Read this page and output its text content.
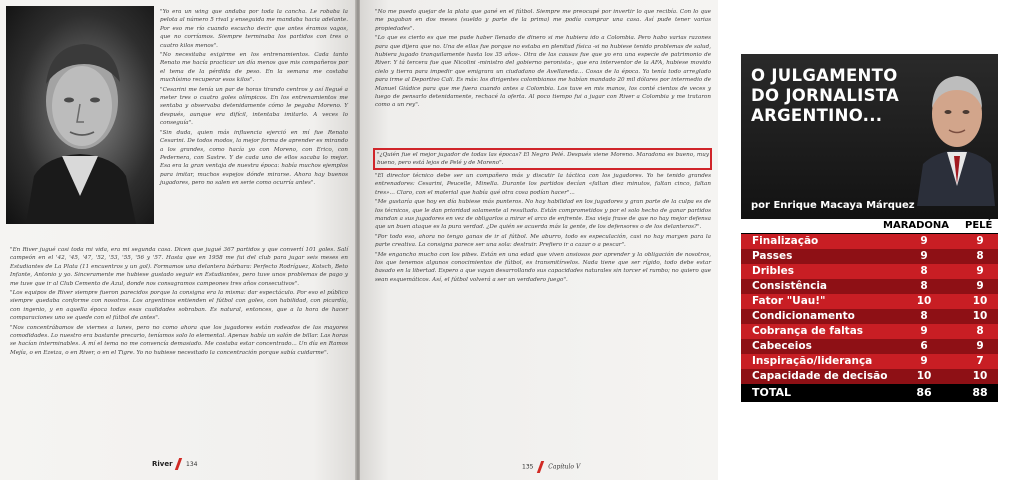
"Yo era un wing que andaba por toda la cancha. Le robaba la pelota al número 5 rival y enseguida me mandaba hacia adelante. Por eso me río cuando escucho decir que antes éramos vagos, que no corríamos. Siempre terminaba los partidos con tres o cuatro kilos menos".

"No necesitaba exigirme en los entrenamientos. Cada tanto Renato me hacía practicar un día menos que mis compañeros por el tema de la pérdida de peso. En la semana me costaba muchísimo recuperar esos kilos".

"Cesarini me tenía un par de horas tirando centros y así llegué a meter tres o cuatro goles olímpicos. En los entrenamientos me sentaba y observaba detenidamente cómo le pegaba Moreno. Y después, aunque era difícil, intentaba imitarlo. A veces lo conseguía".

"Sin duda, quien más influencia ejerció en mí fue Renato Cesarini. De todos modos, la mejor forma de aprender es mirando a los grandes, como hacía yo con Moreno, con Erico, con Pedernera, con Sastre. Y de cada uno de ellos sacaba lo mejor. Esa era la gran ventaja de nuestra época: había muchos ejemplos para imitar, muchos espejos dónde mirarse. Ahora hay buenos jugadores, pero no salen en serie como ocurría antes".

"En River jugué casi toda mi vida, era mi segunda casa. Dicen que jugué 367 partidos y que convertí 101 goles. Salí campeón en el '42, '45, '47, '52, '53, '55, '56 y '57. Hasta que en 1958 me fui del club para jugar seis meses en Estudiantes de La Plata (11 encuentros y un gol). Formamos una delantera bárbara: Perfecto Rodríguez, Kotsch, Beto Infante, Antonio y yo. Sinceramente me hubiese gustado seguir en Estudiantes, pero tuve unos problemas de pago y me tuve que ir al Club Cemento de Azul, donde nos consagramos campeones tres años consecutivos".

"Los equipos de River siempre fueron parecidos porque la consigna era la misma: dar espectáculo. Por eso el público siempre quedaba conforme con nosotros. Los argentinos entienden el fútbol con goles, con habilidad, con picardía, con ingenio, y en aquella época todas esas cualidades sobraban. Es natural, entonces, que a la hora de hacer comparaciones uno se quede con el fútbol de antes".

"Nos concentrábamos de viernes a lunes, pero no como ahora que los jugadores están rodeados de las mayores comodidades. Lo nuestro era bastante precario, teníamos solo lo elemental. Apenas había un salón de billar. Las horas se hacían interminables. A mí el tema no me convencía demasiado. Me costaba estar concentrado... Un día en Ramos Mejía, o en Ezeiza, o en River, o en el Tigre. Yo no hubiese necesitado la concentración porque sabía cuidarme".

River	134

"No me puedo quejar de la plata que gané en el fútbol. Siempre me preocupé por invertir lo que recibía. Con lo que me pagaban en dos meses (sueldo y parte de la prima) me podía comprar una casa. Así pude tener varias propiedades".

"Lo que es cierto es que me pude haber llenado de dinero si me hubiera ido a Colombia. Pero habo varias razones para que dijera que no. Una de ellas fue porque no estaba en plenitud física -si no hubiese tenido problemas de salud, hubiera jugado tranquilamente hasta los 35 años-. Otra de las causas fue que yo era una especie de patrimonio de River. Y tá tercera fue que Nicolini -ministro del gobierno peronista-, que era interventor de la AFA, hubiese movido cielo y tierra para impedir que emigrara un ciudadano de Avellaneda... Cosas de la época. Ya tenía todo arreglado para irme al Deportivo Cali. Es más: los dirigentes colombianos me habían mandado 20 mil dólares por intermedio de Manuel Giúdice para que me fuera cuando antes a Colombia. Los tuve en mis manos, los conté cientos de veces y luego de pensarlo detenidamente, rechacé la oferta. Al poco tiempo fui a jugar con River a Colombia y me trataron como a un rey".

"¿Quién fue el mejor jugador de todas las épocas? El Negro Pelé. Después viene Moreno. Maradona es bueno, muy bueno, pero está lejos de Pelé y de Moreno".

"El director técnico debe ser un compañero más y discutir la táctica con los jugadores. Yo he tenido grandes entrenadores: Cesarini, Peucelle, Minella. Durante los partidos decían «faltan diez minutos, faltan cinco, faltan tres»... Claro, con el material que había qué otra cosa podían hacer"...

"Me gustaría que hoy en día hubiese más punteros. No hay habilidad en los jugadores y gran parte de la culpa es de los técnicos, que le dan prioridad solamente al resultado. Están comprometidos y por el solo hecho de ganar partidos mandan a sus jugadores en vez de obligarlos a mirar el arco de enfrente. Esa vieja frase de que no hay mejor defensa que un buen ataque es la pura verdad. ¿De quién se acuerda más la gente, de los defensores o de los delanteros?".

"Por todo eso, ahora no tengo ganas de ir al fútbol. Me aburro, todo es especulación, casi no hay margen para la parte creativa. La consigna parece ser una sola: destruir. Prefiero ir a cazar o a pescar".

"Me engancho mucho con los pibes. Están en una edad que viven ansiosos por aprender y la obligación de nosotros, los que tenemos algunos conocimientos de fútbol, es transmitírselos. Nada tiene que ser rígido, todo debe estar basado en la libertad. Espero a que vayan desarrollando sus capacidades naturales sin torcer el rumbo; no quiero que sean esquemáticos. Así, el fútbol volverá a ser un verdadero juego".

135 Capítulo V
O JULGAMENTO
DO JORNALISTA
ARGENTINO...
por Enrique Macaya Márquez
MARADONA PELÉ
Finalização	9	9
Passes	9	8
Dribles	8	9
Consistência	8	9
Fator "Uau!"	10	10
Condicionamento	8	10
Cobrança de faltas	9	8
Cabeceios	6	9
Inspiração/liderança	9	7
Capacidade de decisão	10	10
TOTAL	86	88
